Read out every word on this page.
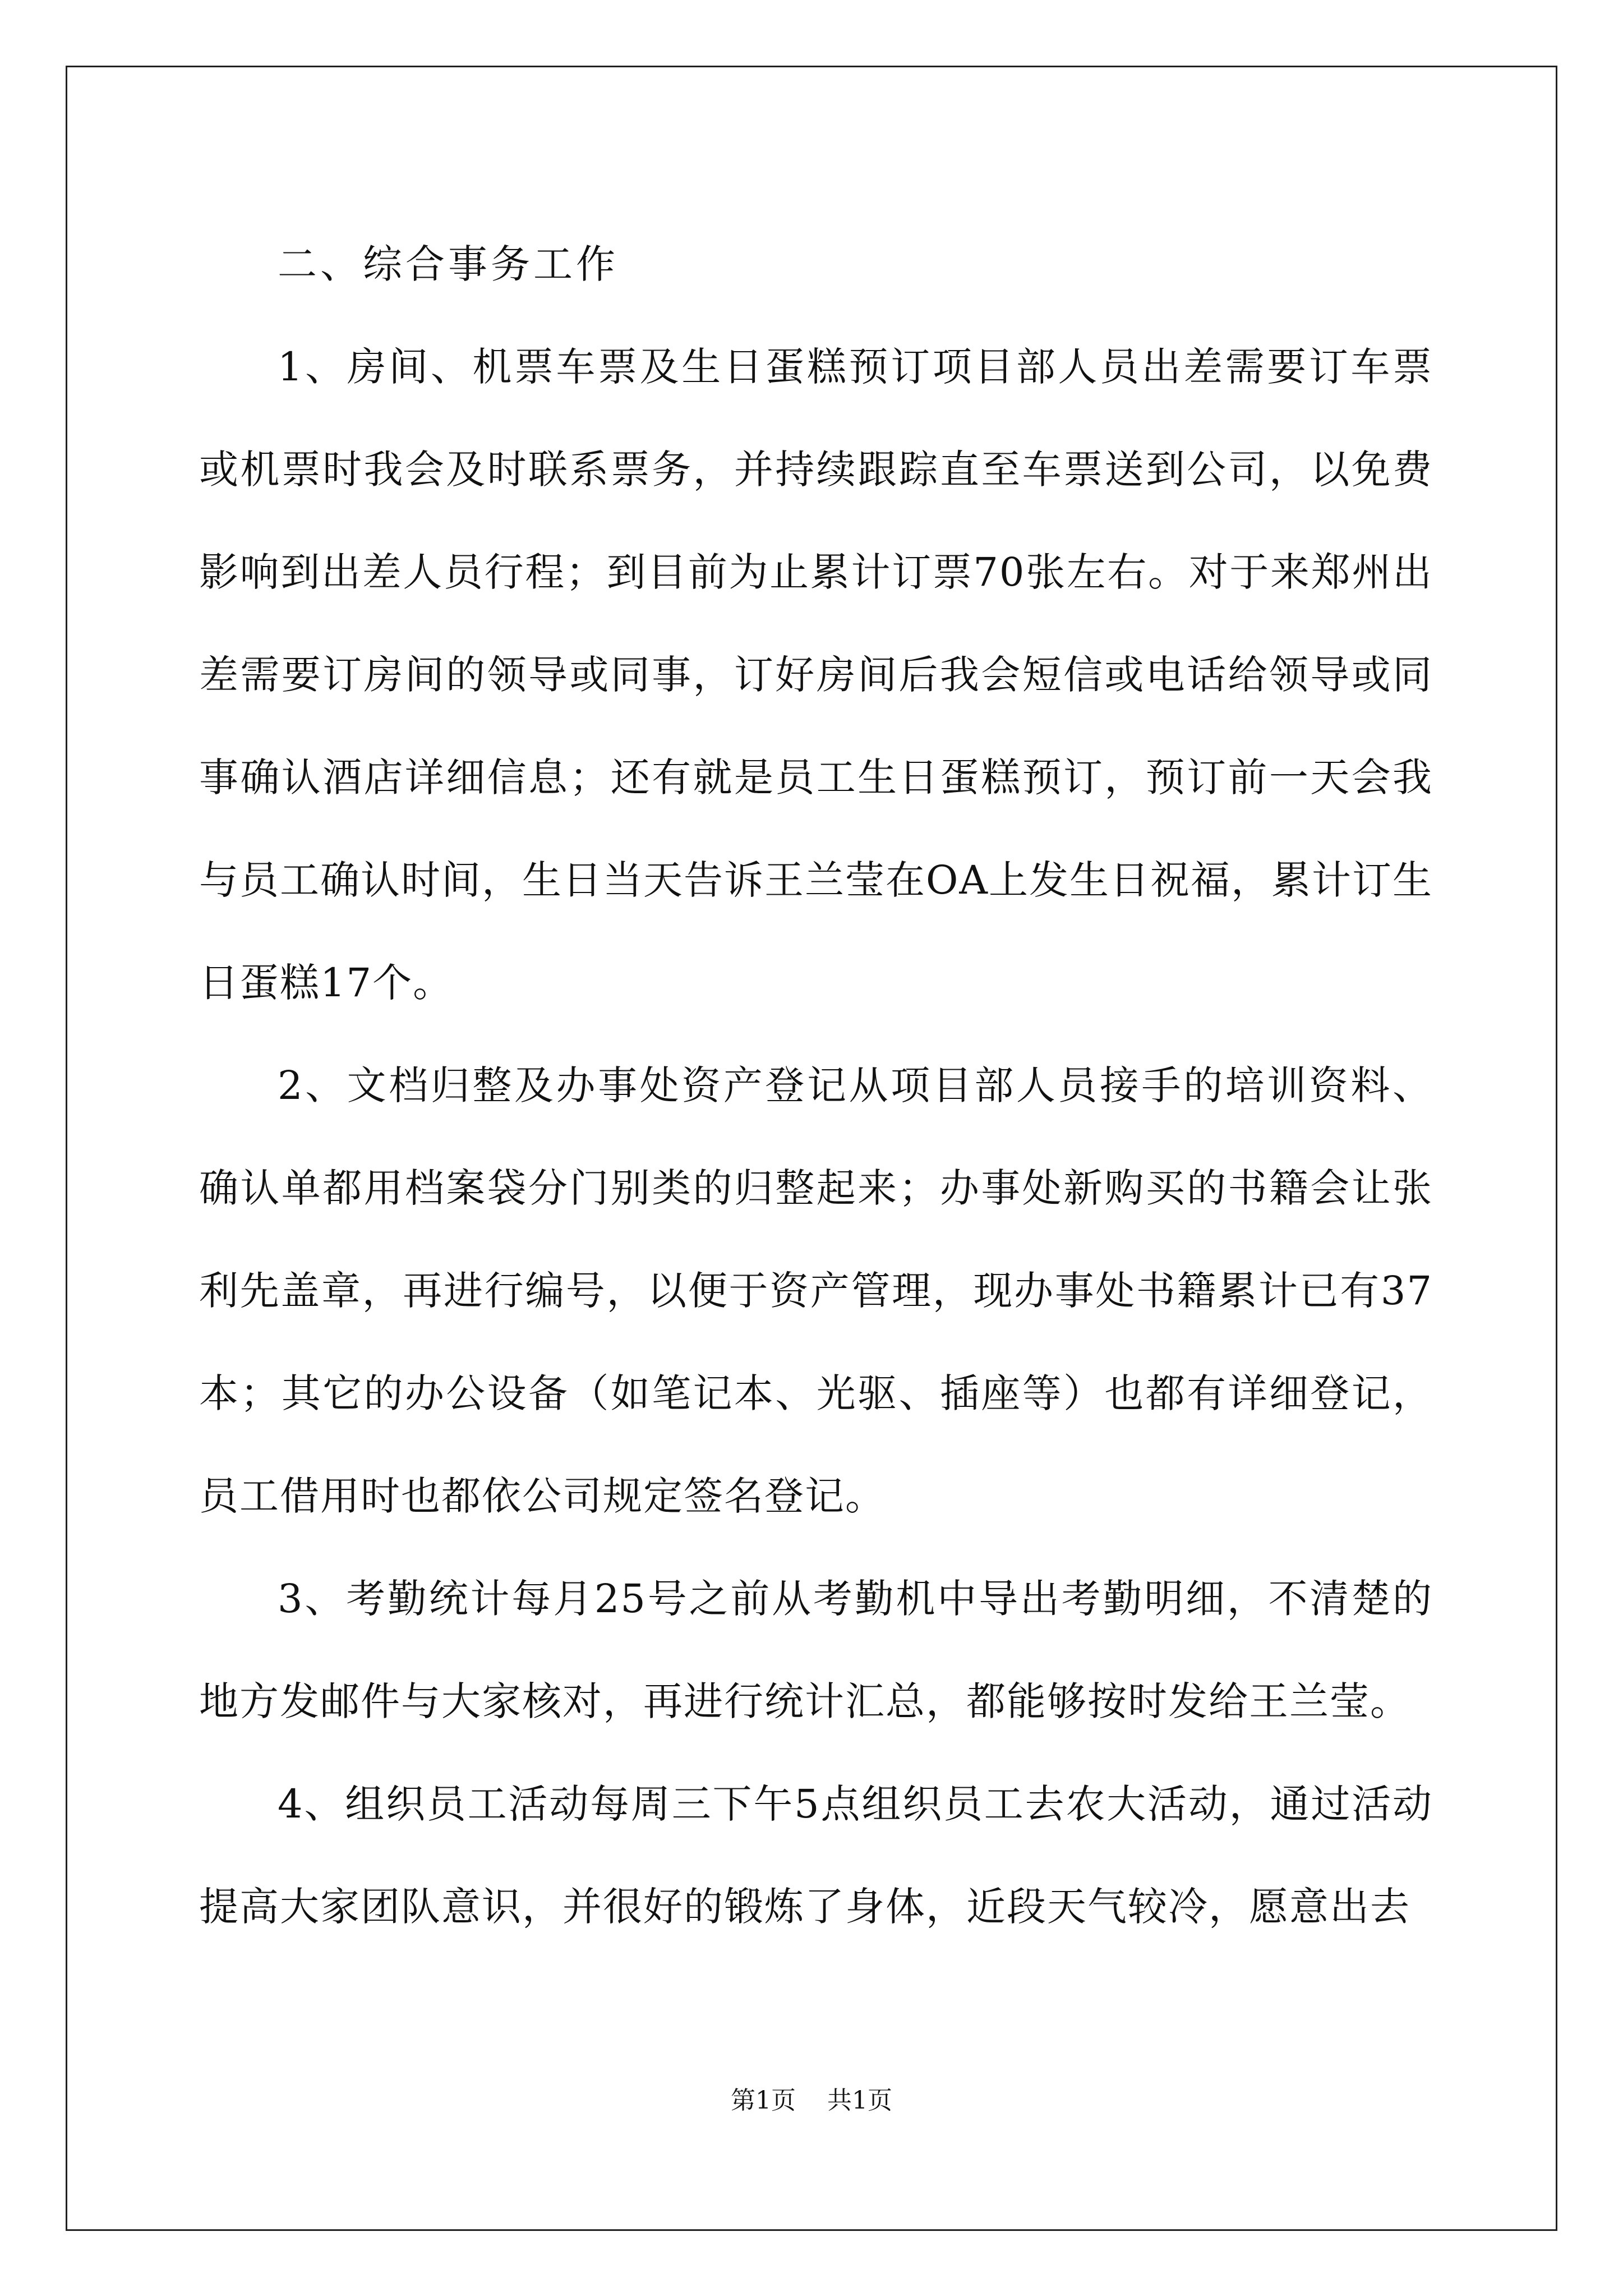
二、综合事务工作

1、房间、机票车票及生日蛋糕预订项目部人员出差需要订车票或机票时我会及时联系票务，并持续跟踪直至车票送到公司，以免费影响到出差人员行程；到目前为止累计订票70张左右。对于来郑州出差需要订房间的领导或同事，订好房间后我会短信或电话给领导或同事确认酒店详细信息；还有就是员工生日蛋糕预订，预订前一天会我与员工确认时间，生日当天告诉王兰莹在OA上发生日祝福，累计订生日蛋糕17个。

2、文档归整及办事处资产登记从项目部人员接手的培训资料、确认单都用档案袋分门别类的归整起来；办事处新购买的书籍会让张利先盖章，再进行编号，以便于资产管理，现办事处书籍累计已有37本；其它的办公设备（如笔记本、光驱、插座等）也都有详细登记，员工借用时也都依公司规定签名登记。

3、考勤统计每月25号之前从考勤机中导出考勤明细，不清楚的地方发邮件与大家核对，再进行统计汇总，都能够按时发给王兰莹。

4、组织员工活动每周三下午5点组织员工去农大活动，通过活动提高大家团队意识，并很好的锻炼了身体，近段天气较冷，愿意出去

第1页 共1页
